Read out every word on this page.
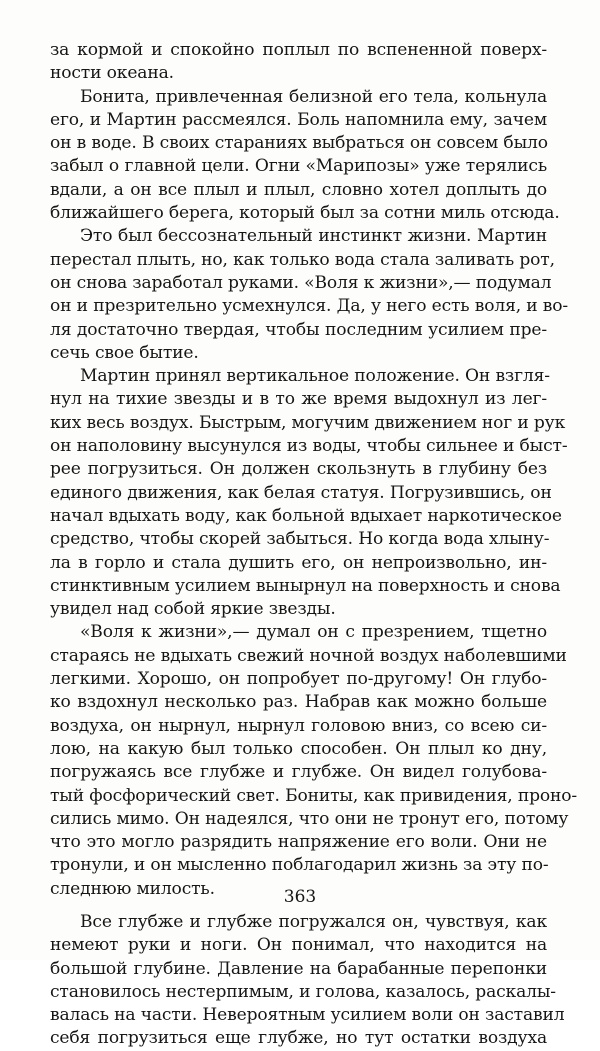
за кормой и спокойно поплыл по вспененной поверх-
ности океана.
Бонита, привлеченная белизной его тела, кольнула
его, и Мартин рассмеялся. Боль напомнила ему, зачем
он в воде. В своих стараниях выбраться он совсем было
забыл о главной цели. Огни «Марипозы» уже терялись
вдали, а он все плыл и плыл, словно хотел доплыть до
ближайшего берега, который был за сотни миль отсюда.
Это был бессознательный инстинкт жизни. Мартин
перестал плыть, но, как только вода стала заливать рот,
он снова заработал руками. «Воля к жизни»,— подумал
он и презрительно усмехнулся. Да, у него есть воля, и во-
ля достаточно твердая, чтобы последним усилием пре-
сечь свое бытие.
Мартин принял вертикальное положение. Он взгля-
нул на тихие звезды и в то же время выдохнул из лег-
ких весь воздух. Быстрым, могучим движением ног и рук
он наполовину высунулся из воды, чтобы сильнее и быст-
рее погрузиться. Он должен скользнуть в глубину без
единого движения, как белая статуя. Погрузившись, он
начал вдыхать воду, как больной вдыхает наркотическое
средство, чтобы скорей забыться. Но когда вода хлыну-
ла в горло и стала душить его, он непроизвольно, ин-
стинктивным усилием вынырнул на поверхность и снова
увидел над собой яркие звезды.
«Воля к жизни»,— думал он с презрением, тщетно
стараясь не вдыхать свежий ночной воздух наболевшими
легкими. Хорошо, он попробует по-другому! Он глубо-
ко вздохнул несколько раз. Набрав как можно больше
воздуха, он нырнул, нырнул головою вниз, со всею си-
лою, на какую был только способен. Он плыл ко дну,
погружаясь все глубже и глубже. Он видел голубова-
тый фосфорический свет. Бониты, как привидения, проно-
сились мимо. Он надеялся, что они не тронут его, потому
что это могло разрядить напряжение его воли. Они не
тронули, и он мысленно поблагодарил жизнь за эту по-
следнюю милость.
Все глубже и глубже погружался он, чувствуя, как
немеют руки и ноги. Он понимал, что находится на
большой глубине. Давление на барабанные перепонки
становилось нестерпимым, и голова, казалось, раскалы-
валась на части. Невероятным усилием воли он заставил
себя погрузиться еще глубже, но тут остатки воздуха
363
